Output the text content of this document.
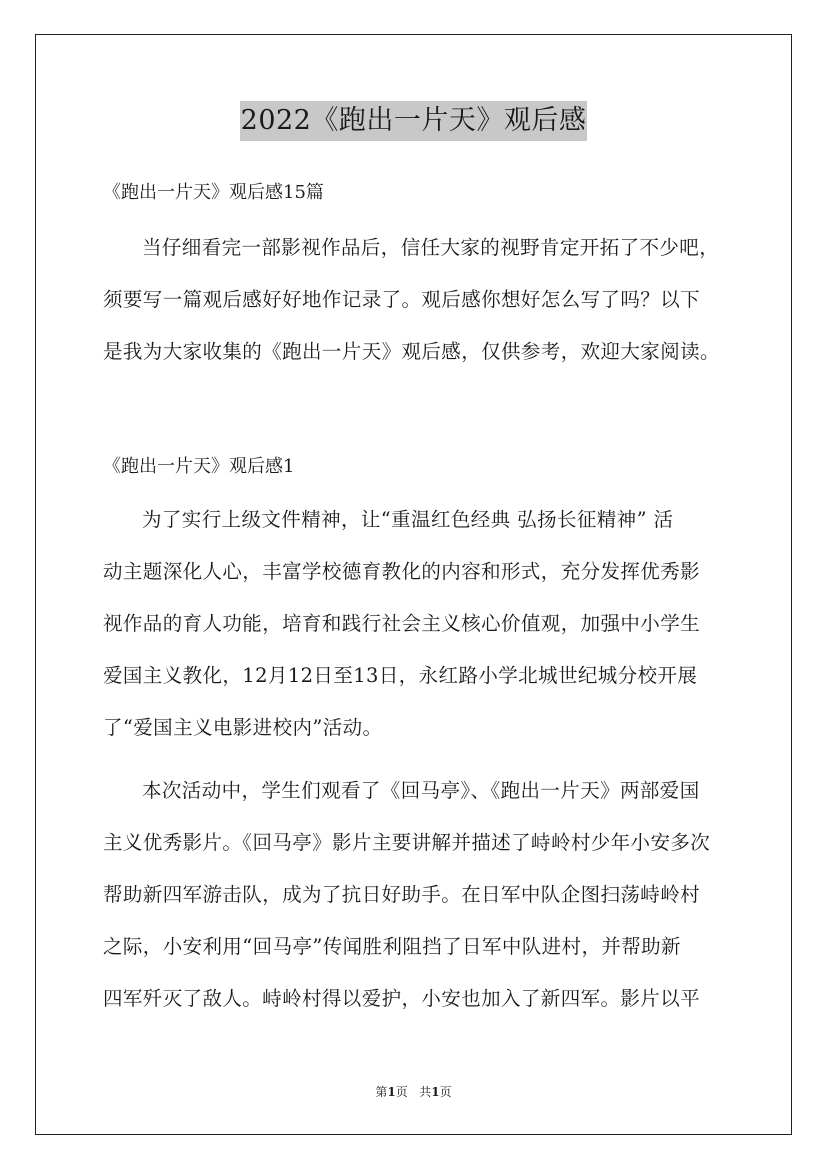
2022《跑出一片天》观后感
《跑出一片天》观后感15篇

当仔细看完一部影视作品后，信任大家的视野肯定开拓了不少吧，
须要写一篇观后感好好地作记录了。观后感你想好怎么写了吗？以下
是我为大家收集的《跑出一片天》观后感，仅供参考，欢迎大家阅读。

《跑出一片天》观后感1

为了实行上级文件精神，让“重温红色经典 弘扬长征精神” 活
动主题深化人心，丰富学校德育教化的内容和形式，充分发挥优秀影
视作品的育人功能，培育和践行社会主义核心价值观，加强中小学生
爱国主义教化，12月12日至13日，永红路小学北城世纪城分校开展
了“爱国主义电影进校内”活动。

本次活动中，学生们观看了《回马亭》、《跑出一片天》两部爱国
主义优秀影片。《回马亭》影片主要讲解并描述了峙岭村少年小安多次
帮助新四军游击队，成为了抗日好助手。在日军中队企图扫荡峙岭村
之际，小安利用“回马亭”传闻胜利阻挡了日军中队进村，并帮助新
四军歼灭了敌人。峙岭村得以爱护，小安也加入了新四军。影片以平

第1页 共1页
